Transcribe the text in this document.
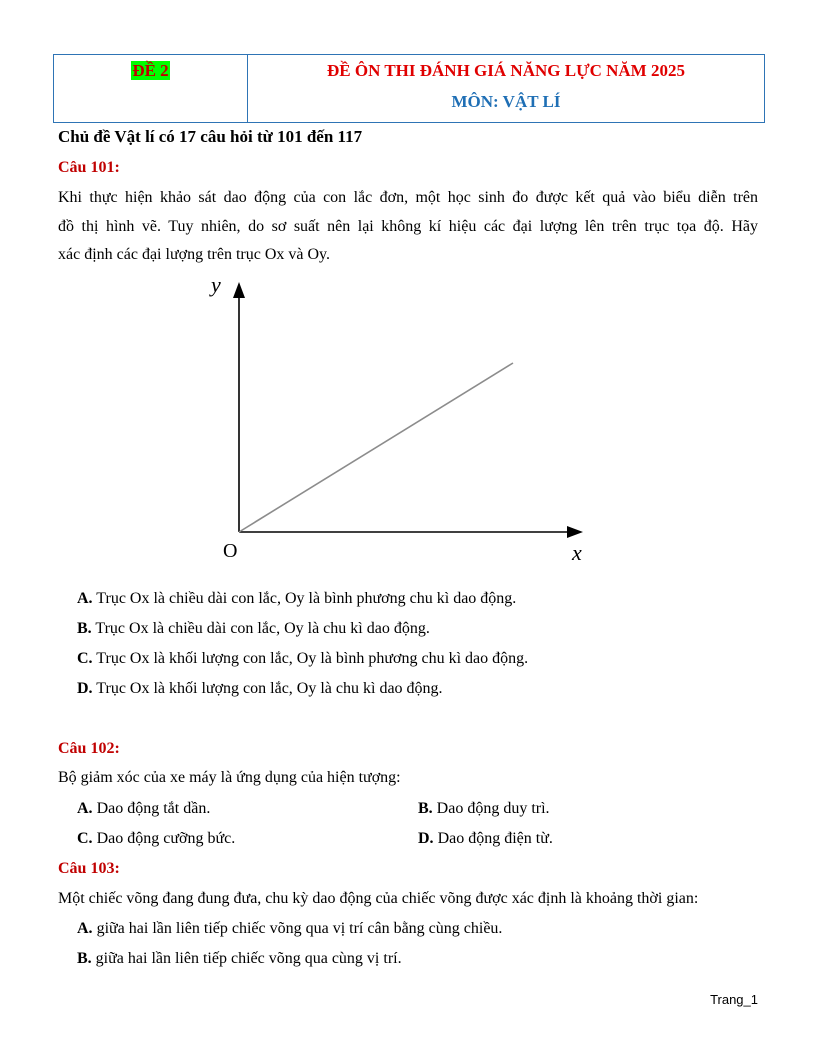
ĐỀ 2	ĐỀ ÔN THI ĐÁNH GIÁ NĂNG LỰC NĂM 2025
MÔN: VẬT LÍ
Chủ đề Vật lí có 17 câu hỏi từ 101 đến 117
Câu 101:
Khi thực hiện khảo sát dao động của con lắc đơn, một học sinh đo được kết quả vào biểu diễn trên
đồ thị hình vẽ. Tuy nhiên, do sơ suất nên lại không kí hiệu các đại lượng lên trên trục tọa độ. Hãy
xác định các đại lượng trên trục Ox và Oy.
y
x
O
A. Trục Ox là chiều dài con lắc, Oy là bình phương chu kì dao động.
B. Trục Ox là chiều dài con lắc, Oy là chu kì dao động.
C. Trục Ox là khối lượng con lắc, Oy là bình phương chu kì dao động.
D. Trục Ox là khối lượng con lắc, Oy là chu kì dao động.
Câu 102:
Bộ giảm xóc của xe máy là ứng dụng của hiện tượng:
A. Dao động tắt dần.	B. Dao động duy trì.
C. Dao động cưỡng bức.	D. Dao động điện từ.
Câu 103:
Một chiếc võng đang đung đưa, chu kỳ dao động của chiếc võng được xác định là khoảng thời gian:
A. giữa hai lần liên tiếp chiếc võng qua vị trí cân bằng cùng chiều.
B. giữa hai lần liên tiếp chiếc võng qua cùng vị trí.
Trang_1
